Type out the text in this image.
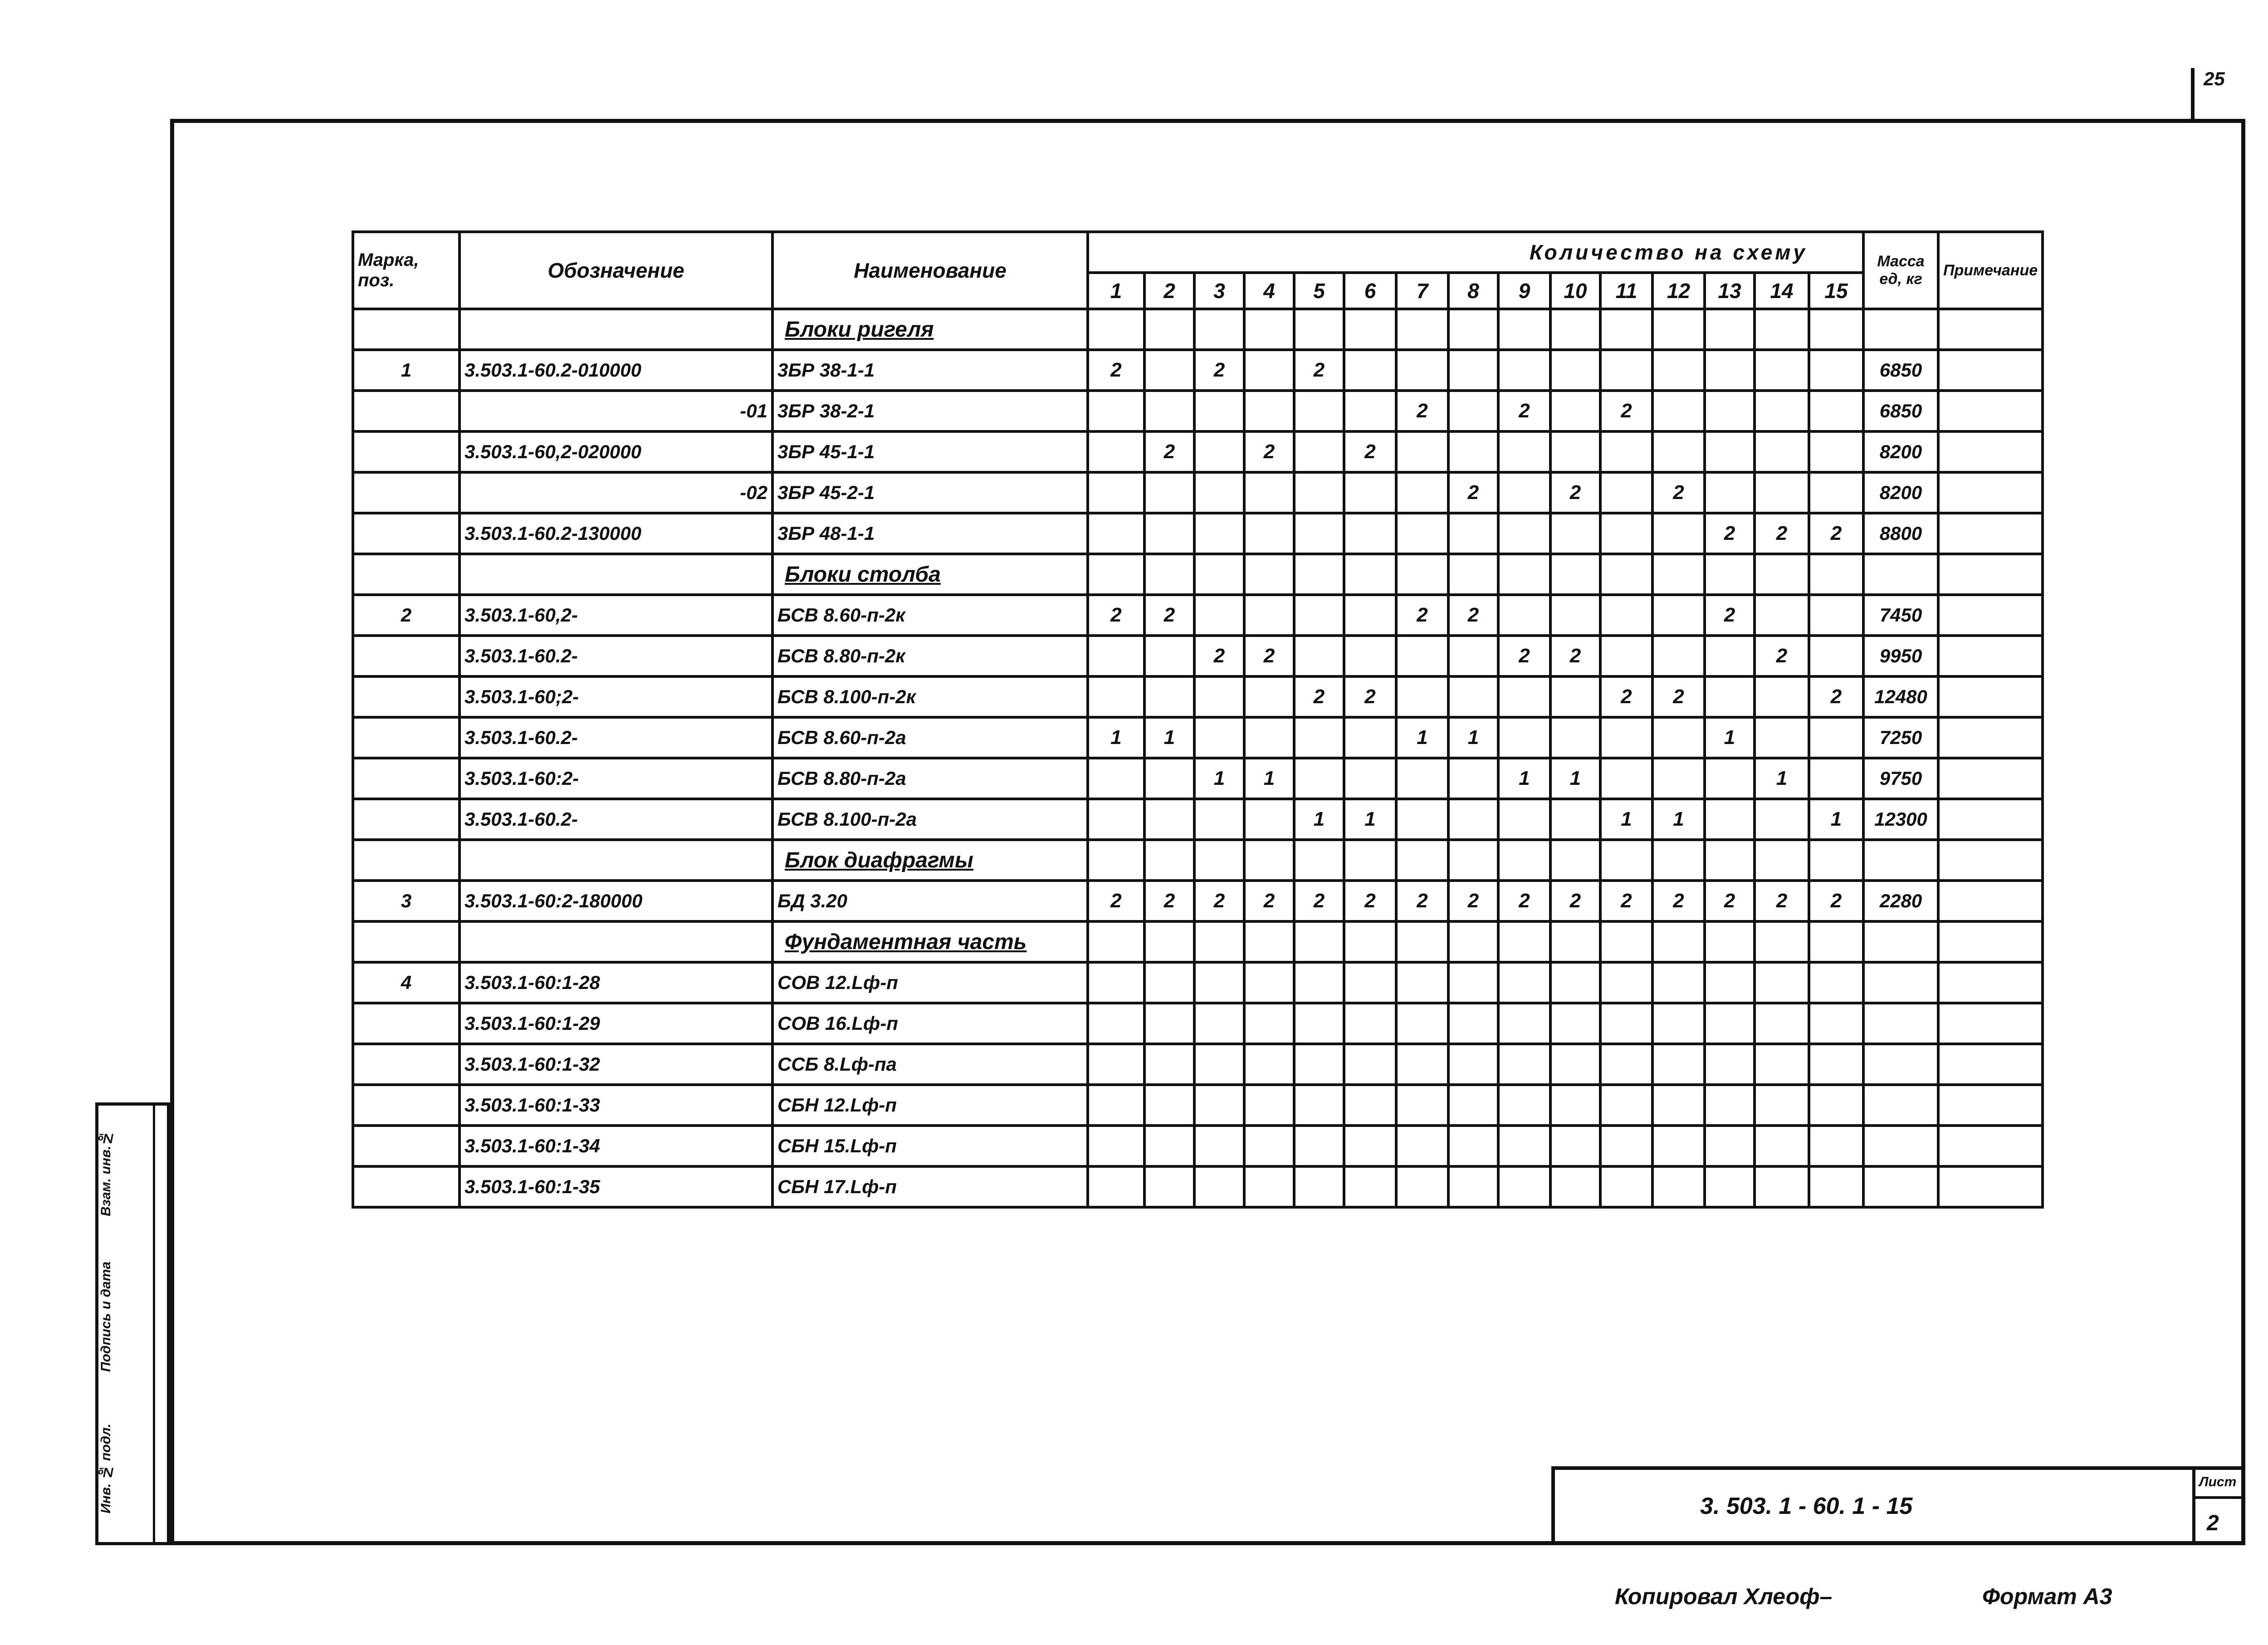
25
Инв. № подл.
Подпись и дата
Взам. инв.№
Марка, поз.	Обозначение	Наименование	Количество на схему															Масса ед, кг	Примечание
			1	2	3	4	5	6	7	8	9	10	11	12	13	14	15		
		Блоки ригеля																	
1	3.503.1-60.2-010000	3БР 38-1-1	2		2		2											6850	
	-01	3БР 38-2-1							2		2		2					6850	
	3.503.1-60,2-020000	3БР 45-1-1		2		2		2										8200	
	-02	3БР 45-2-1								2		2		2				8200	
	3.503.1-60.2-130000	3БР 48-1-1													2	2	2	8800	
		Блоки столба																	
2	3.503.1-60,2-	БСВ 8.60-п-2к	2	2					2	2					2			7450	
	3.503.1-60.2-	БСВ 8.80-п-2к			2	2					2	2				2		9950	
	3.503.1-60;2-	БСВ 8.100-п-2к					2	2					2	2			2	12480	
	3.503.1-60.2-	БСВ 8.60-п-2а	1	1					1	1					1			7250	
	3.503.1-60:2-	БСВ 8.80-п-2а			1	1					1	1				1		9750	
	3.503.1-60.2-	БСВ 8.100-п-2а					1	1					1	1			1	12300	
		Блок диафрагмы																	
3	3.503.1-60:2-180000	БД 3.20	2	2	2	2	2	2	2	2	2	2	2	2	2	2	2	2280	
		Фундаментная часть																	
4	3.503.1-60:1-28	СОВ 12.Lф-п																	
	3.503.1-60:1-29	СОВ 16.Lф-п																	
	3.503.1-60:1-32	ССБ 8.Lф-па																	
	3.503.1-60:1-33	СБН 12.Lф-п																	
	3.503.1-60:1-34	СБН 15.Lф-п																	
	3.503.1-60:1-35	СБН 17.Lф-п																	
3. 503. 1 - 60. 1 - 15
Лист
2
Копировал Хлеоф–	Формат А3
